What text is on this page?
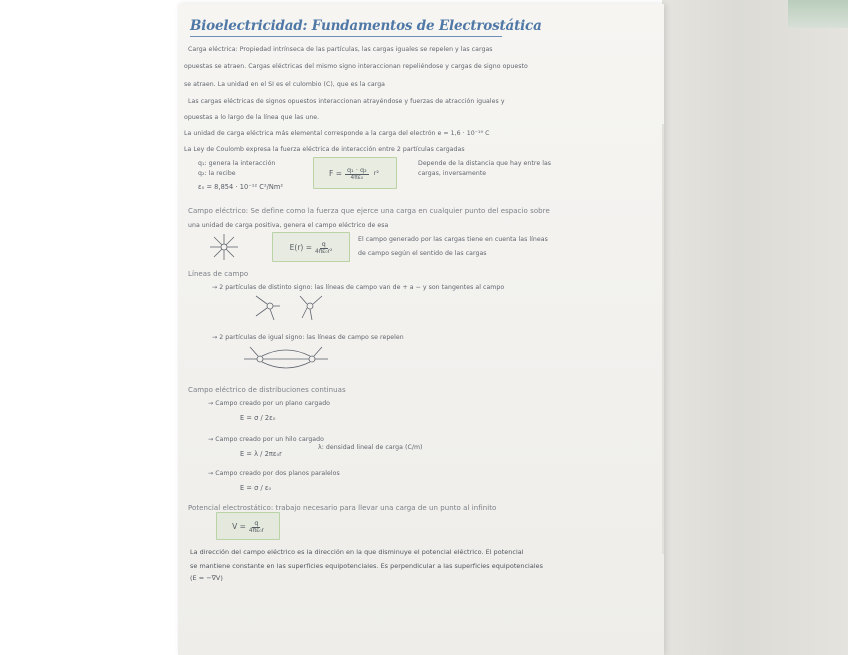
Bioelectricidad: Fundamentos de Electrostática
Carga eléctrica: Propiedad intrínseca de las partículas, las cargas iguales se repelen y las cargas
opuestas se atraen. Cargas eléctricas del mismo signo interaccionan repeliéndose y cargas de signo opuesto
se atraen. La unidad en el SI es el culombio (C), que es la carga
Las cargas eléctricas de signos opuestos interaccionan atrayéndose y fuerzas de atracción iguales y
opuestas a lo largo de la línea que las une.
La unidad de carga eléctrica más elemental corresponde a la carga del electrón e = 1,6 · 10⁻¹⁹ C
La Ley de Coulomb expresa la fuerza eléctrica de interacción entre 2 partículas cargadas
q₁: genera la interacción
q₂: la recibe
ε₀ = 8,854 · 10⁻¹² C²/Nm²
$F = \frac{\text{q₁ · q₂}}{\text{4πε₀}} r^2$
Depende de la distancia que hay entre las
cargas, inversamente
Campo eléctrico: Se define como la fuerza que ejerce una carga en cualquier punto del espacio sobre
una unidad de carga positiva, genera el campo eléctrico de esa
$E(r) = \frac{q}{\text{4πε₀r²}}$	El campo generado por las cargas tiene en cuenta las líneas
de campo según el sentido de las cargas
Líneas de campo
→ 2 partículas de distinto signo: las líneas de campo van de + a − y son tangentes al campo
→ 2 partículas de igual signo: las líneas de campo se repelen
Campo eléctrico de distribuciones continuas
→ Campo creado por un plano cargado
E = σ / 2ε₀
→ Campo creado por un hilo cargado
λ: densidad lineal de carga (C/m)
E = λ / 2πε₀r
→ Campo creado por dos planos paralelos
E = σ / ε₀
Potencial electrostático: trabajo necesario para llevar una carga de un punto al infinito
$V = \frac{q}{\text{4πε₀r}}$
La dirección del campo eléctrico es la dirección en la que disminuye el potencial eléctrico. El potencial
se mantiene constante en las superficies equipotenciales. Es perpendicular a las superficies equipotenciales
(E = −∇V)
